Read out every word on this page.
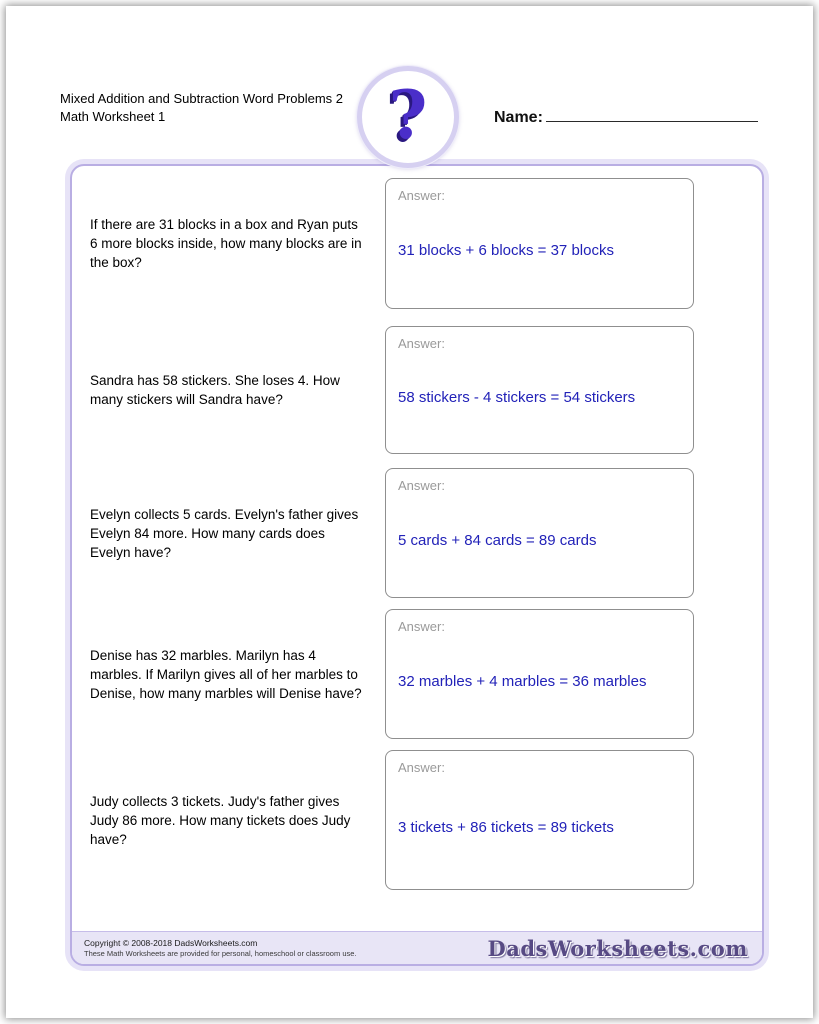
Mixed Addition and Subtraction Word Problems 2
Math Worksheet 1	?	Name:
If there are 31 blocks in a box and Ryan puts 6 more blocks inside, how many blocks are in the box?
Answer:
31 blocks + 6 blocks = 37 blocks
Sandra has 58 stickers. She loses 4. How many stickers will Sandra have?
Answer:
58 stickers - 4 stickers = 54 stickers
Evelyn collects 5 cards. Evelyn's father gives Evelyn 84 more. How many cards does Evelyn have?
Answer:
5 cards + 84 cards = 89 cards
Denise has 32 marbles. Marilyn has 4 marbles. If Marilyn gives all of her marbles to Denise, how many marbles will Denise have?
Answer:
32 marbles + 4 marbles = 36 marbles
Judy collects 3 tickets. Judy's father gives Judy 86 more. How many tickets does Judy have?
Answer:
3 tickets + 86 tickets = 89 tickets
Copyright © 2008-2018 DadsWorksheets.com
These Math Worksheets are provided for personal, homeschool or classroom use.	DadsWorksheets.com
